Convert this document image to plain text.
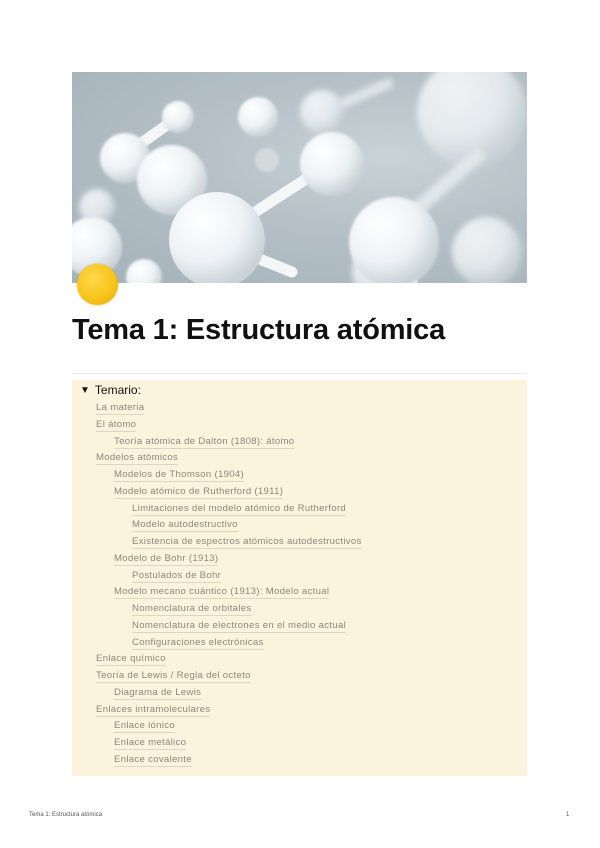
Tema 1: Estructura atómica
▼ Temario:
La materia
El átomo
Teoría atómica de Dalton (1808): átomo
Modelos atómicos
Modelos de Thomson (1904)
Modelo atómico de Rutherford (1911)
Limitaciones del modelo atómico de Rutherford
Modelo autodestructivo
Existencia de espectros atómicos autodestructivos
Modelo de Bohr (1913)
Postulados de Bohr
Modelo mecano cuántico (1913): Modelo actual
Nomenclatura de orbitales
Nomenclatura de electrones en el medio actual
Configuraciones electrónicas
Enlace químico
Teoría de Lewis / Regla del octeto
Diagrama de Lewis
Enlaces intramoleculares
Enlace iónico
Enlace metálico
Enlace covalente
Tema 1: Estructura atómica	1
